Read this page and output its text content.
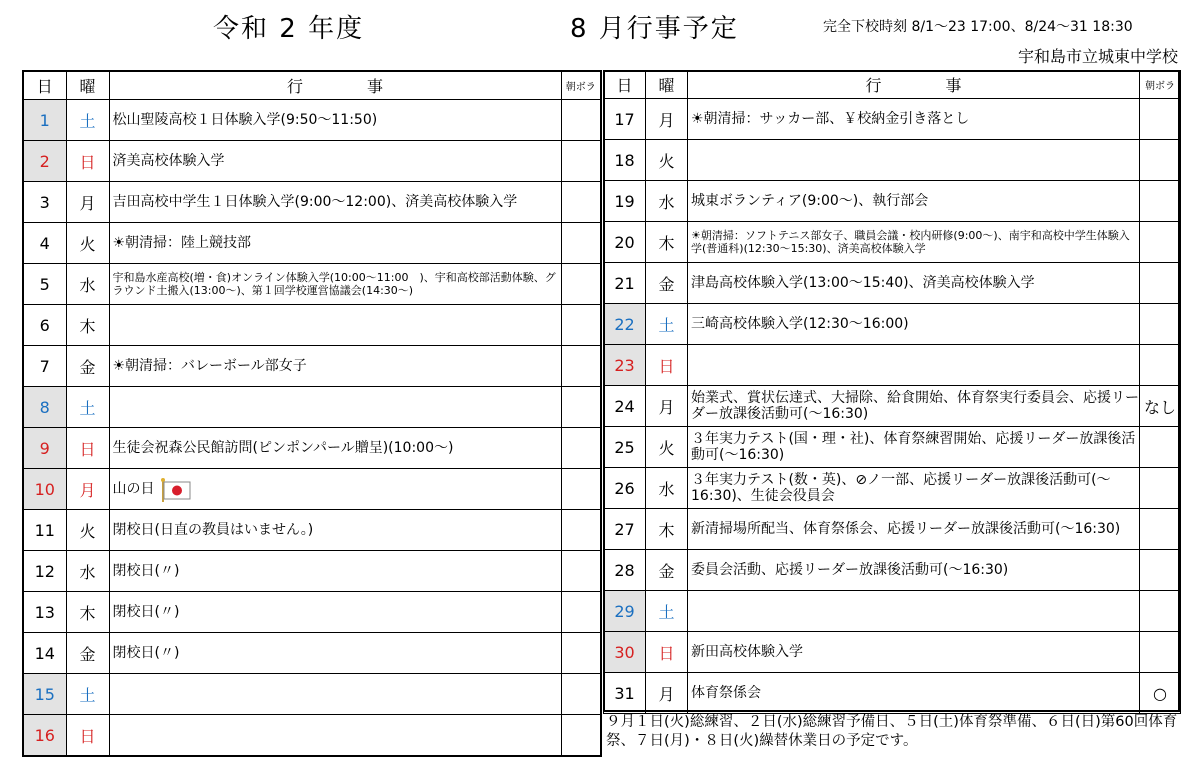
令和 2 年度	8 月行事予定	完全下校時刻 8/1～23 17:00、8/24～31 18:30
宇和島市立城東中学校
日	曜	行　　　　事	朝ボラ
1	土	松山聖陵高校１日体験入学(9:50～11:50)	
2	日	済美高校体験入学	
3	月	吉田高校中学生１日体験入学(9:00～12:00)、済美高校体験入学	
4	火	☀朝清掃：陸上競技部	
5	水	宇和島水産高校(増・食)オンライン体験入学(10:00～11:00　)、宇和高校部活動体験、グラウンド土搬入(13:00～)、第１回学校運営協議会(14:30～)	
6	木		
7	金	☀朝清掃：バレーボール部女子	
8	土		
9	日	生徒会祝森公民館訪問(ピンポンパール贈呈)(10:00～)	
10	月	山の日	
11	火	閉校日(日直の教員はいません。)	
12	水	閉校日(〃)	
13	木	閉校日(〃)	
14	金	閉校日(〃)	
15	土		
16	日		
日	曜	行　　　　事	朝ボラ
17	月	☀朝清掃：サッカー部、￥校納金引き落とし	
18	火		
19	水	城東ボランティア(9:00～)、執行部会	
20	木	☀朝清掃：ソフトテニス部女子、職員会議・校内研修(9:00～)、南宇和高校中学生体験入学(普通科)(12:30～15:30)、済美高校体験入学	
21	金	津島高校体験入学(13:00～15:40)、済美高校体験入学	
22	土	三崎高校体験入学(12:30～16:00)	
23	日		
24	月	始業式、賞状伝達式、大掃除、給食開始、体育祭実行委員会、応援リーダー放課後活動可(～16:30)	なし
25	火	３年実力テスト(国・理・社)、体育祭練習開始、応援リーダー放課後活動可(～16:30)	
26	水	３年実力テスト(数・英)、⊘ノ一部、応援リーダー放課後活動可(～16:30)、生徒会役員会	
27	木	新清掃場所配当、体育祭係会、応援リーダー放課後活動可(～16:30)	
28	金	委員会活動、応援リーダー放課後活動可(～16:30)	
29	土		
30	日	新田高校体験入学	
31	月	体育祭係会	○
９月１日(火)総練習、２日(水)総練習予備日、５日(土)体育祭準備、６日(日)第60回体育祭、７日(月)・８日(火)繰替休業日の予定です。
